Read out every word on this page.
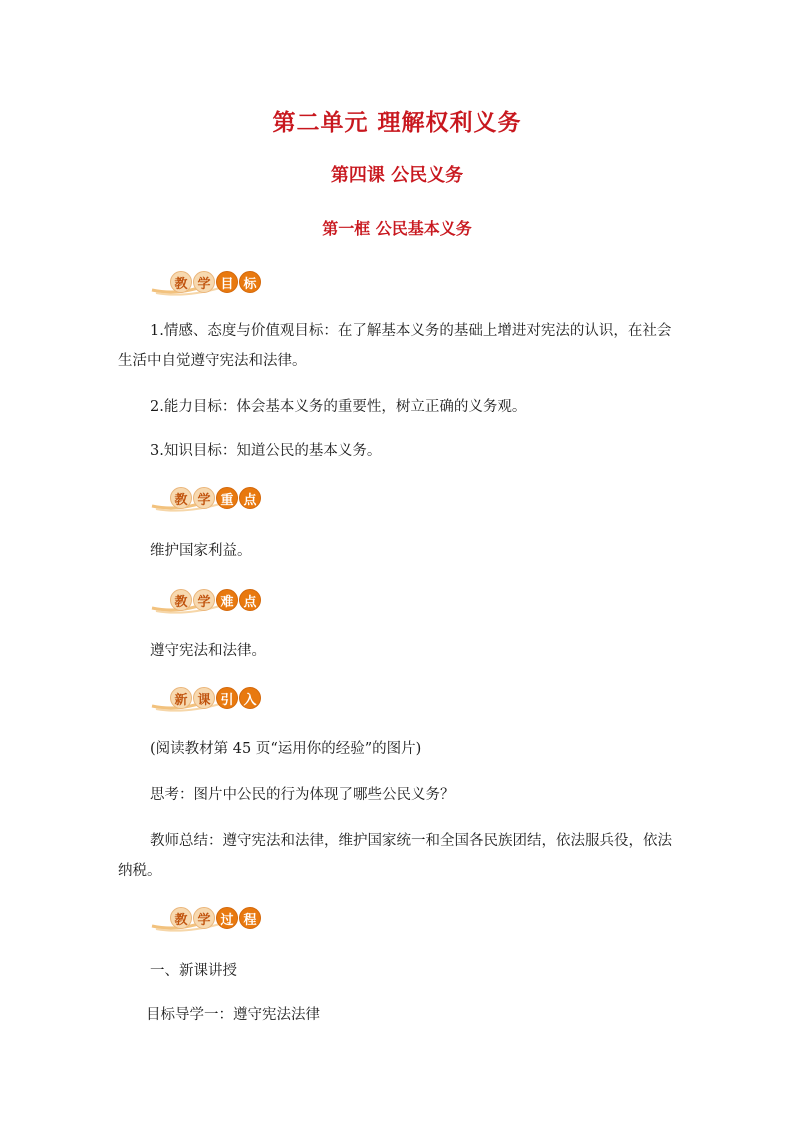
第二单元 理解权利义务
第四课 公民义务
第一框 公民基本义务
教 学 目 标
1.情感、态度与价值观目标：在了解基本义务的基础上增进对宪法的认识，在社会生活中自觉遵守宪法和法律。
2.能力目标：体会基本义务的重要性，树立正确的义务观。
3.知识目标：知道公民的基本义务。
教 学 重 点
维护国家利益。
教 学 难 点
遵守宪法和法律。
新 课 引 入
(阅读教材第 45 页“运用你的经验”的图片)
思考：图片中公民的行为体现了哪些公民义务？
教师总结：遵守宪法和法律，维护国家统一和全国各民族团结，依法服兵役，依法纳税。
教 学 过 程
一、新课讲授
目标导学一：遵守宪法法律
